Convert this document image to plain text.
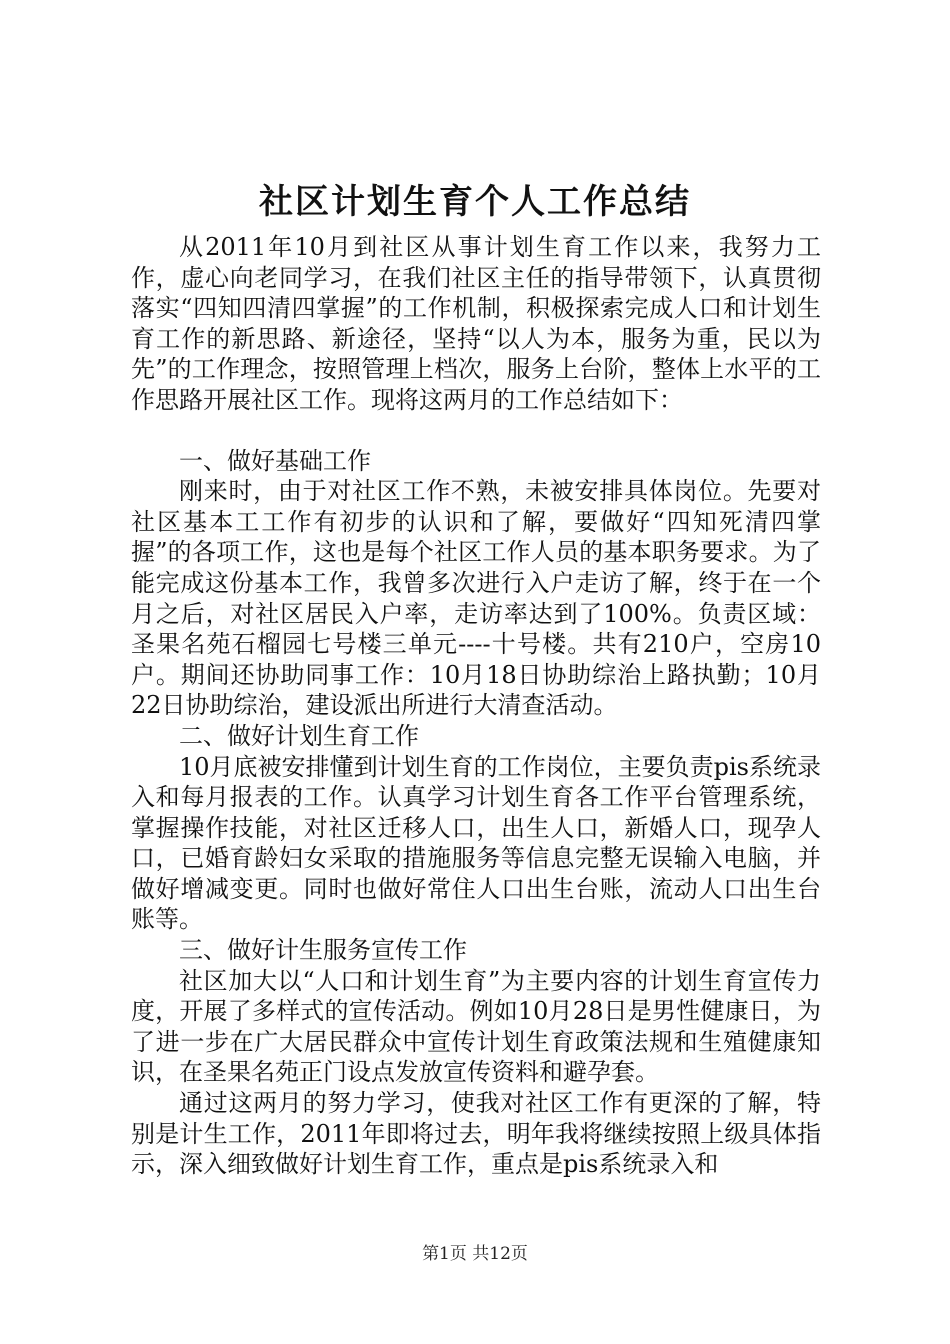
社区计划生育个人工作总结

从2011年10月到社区从事计划生育工作以来，我努力工作，虚心向老同学习，在我们社区主任的指导带领下，认真贯彻落实“四知四清四掌握”的工作机制，积极探索完成人口和计划生育工作的新思路、新途径，坚持“以人为本，服务为重，民以为先”的工作理念，按照管理上档次，服务上台阶，整体上水平的工作思路开展社区工作。现将这两月的工作总结如下：

一、做好基础工作

刚来时，由于对社区工作不熟，未被安排具体岗位。先要对社区基本工工作有初步的认识和了解，要做好“四知死清四掌握”的各项工作，这也是每个社区工作人员的基本职务要求。为了能完成这份基本工作，我曾多次进行入户走访了解，终于在一个月之后，对社区居民入户率，走访率达到了100%。负责区域：圣果名苑石榴园七号楼三单元----十号楼。共有210户，空房10户。期间还协助同事工作：10月18日协助综治上路执勤；10月22日协助综治，建设派出所进行大清查活动。

二、做好计划生育工作

10月底被安排懂到计划生育的工作岗位，主要负责pis系统录入和每月报表的工作。认真学习计划生育各工作平台管理系统，掌握操作技能，对社区迁移人口，出生人口，新婚人口，现孕人口，已婚育龄妇女采取的措施服务等信息完整无误输入电脑，并做好增减变更。同时也做好常住人口出生台账，流动人口出生台账等。

三、做好计生服务宣传工作

社区加大以“人口和计划生育”为主要内容的计划生育宣传力度，开展了多样式的宣传活动。例如10月28日是男性健康日，为了进一步在广大居民群众中宣传计划生育政策法规和生殖健康知识，在圣果名苑正门设点发放宣传资料和避孕套。

通过这两月的努力学习，使我对社区工作有更深的了解，特别是计生工作，2011年即将过去，明年我将继续按照上级具体指示，深入细致做好计划生育工作，重点是pis系统录入和

第1页 共12页
